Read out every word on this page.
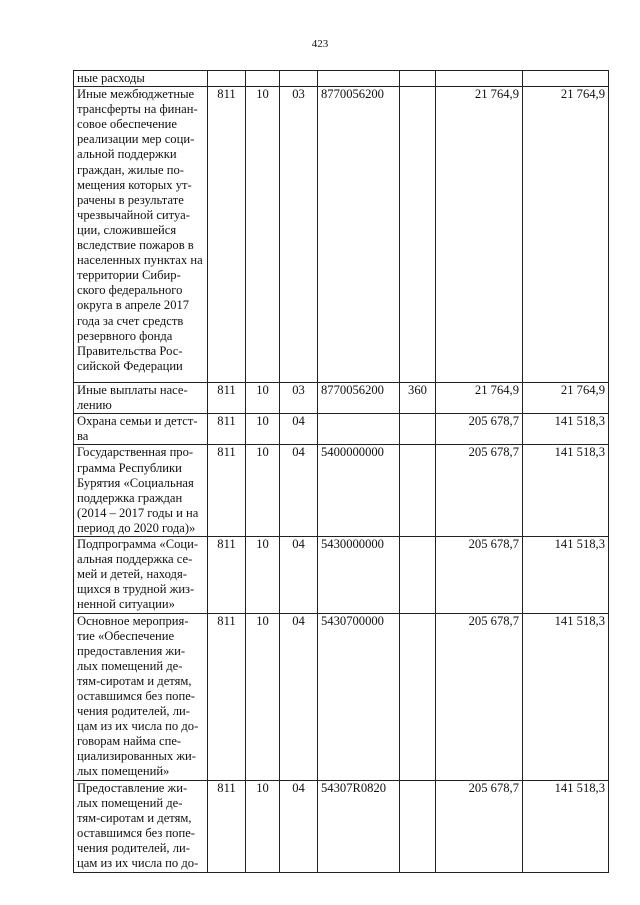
423
ные расходы							
Иные межбюджетные трансферты на финан-совое обеспечение реализации мер соци-альной поддержки граждан, жилые по-мещения которых ут-рачены в результате чрезвычайной ситуа-ции, сложившейся вследствие пожаров в населенных пунктах на территории Сибир-ского федерального округа в апреле 2017 года за счет средств резервного фонда Правительства Рос-сийской Федерации	811	10	03	8770056200		21 764,9	21 764,9
Иные выплаты насе-лению	811	10	03	8770056200	360	21 764,9	21 764,9
Охрана семьи и детст-ва	811	10	04			205 678,7	141 518,3
Государственная про-грамма Республики Бурятия «Социальная поддержка граждан (2014 – 2017 годы и на период до 2020 года)»	811	10	04	5400000000		205 678,7	141 518,3
Подпрограмма «Соци-альная поддержка се-мей и детей, находя-щихся в трудной жиз-ненной ситуации»	811	10	04	5430000000		205 678,7	141 518,3
Основное мероприя-тие «Обеспечение предоставления жи-лых помещений де-тям-сиротам и детям, оставшимся без попе-чения родителей, ли-цам из их числа по до-говорам найма спе-циализированных жи-лых помещений»	811	10	04	5430700000		205 678,7	141 518,3
Предоставление жи-лых помещений де-тям-сиротам и детям, оставшимся без попе-чения родителей, ли-цам из их числа по до-	811	10	04	54307R0820		205 678,7	141 518,3
